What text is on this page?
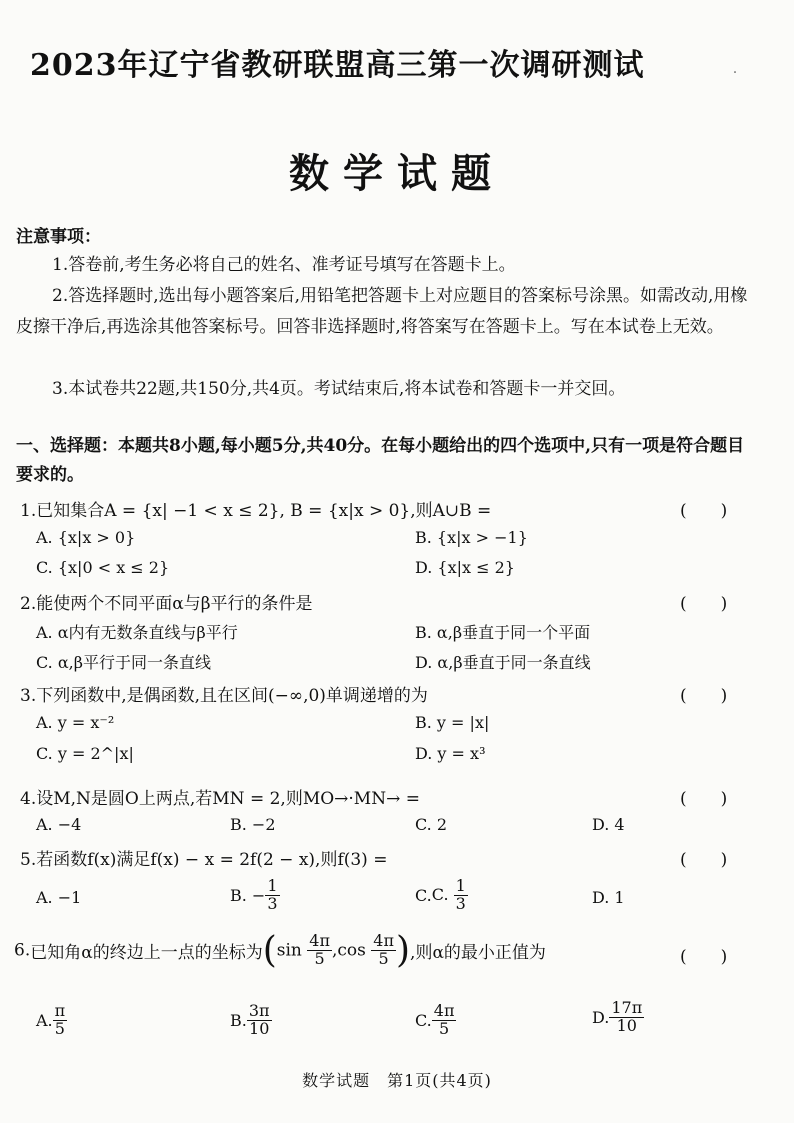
2023年辽宁省教研联盟高三第一次调研测试	・
数学试题
注意事项：
1.答卷前,考生务必将自己的姓名、准考证号填写在答题卡上。
2.答选择题时,选出每小题答案后,用铅笔把答题卡上对应题目的答案标号涂黑。如需改动,用橡皮擦干净后,再选涂其他答案标号。回答非选择题时,将答案写在答题卡上。写在本试卷上无效。
3.本试卷共22题,共150分,共4页。考试结束后,将本试卷和答题卡一并交回。
一、选择题：本题共8小题,每小题5分,共40分。在每小题给出的四个选项中,只有一项是符合题目要求的。
1.已知集合A = {x| −1 < x ≤ 2}, B = {x|x > 0},则A∪B =	(　　)
A. {x|x > 0}	B. {x|x > −1}
C. {x|0 < x ≤ 2}	D. {x|x ≤ 2}
2.能使两个不同平面α与β平行的条件是	(　　)
A. α内有无数条直线与β平行	B. α,β垂直于同一个平面
C. α,β平行于同一条直线	D. α,β垂直于同一条直线
3.下列函数中,是偶函数,且在区间(−∞,0)单调递增的为	(　　)
A. y = x⁻²	B. y = |x|
C. y = 2^|x|	D. y = x³
4.设M,N是圆O上两点,若MN = 2,则MO→·MN→ =	(　　)
A. −4	B. −2	C. 2	D. 4
5.若函数f(x)满足f(x) − x = 2f(2 − x),则f(3) =	(　　)
A. −1	B. − $\frac{1}{3}$	C.C. $\frac{1}{3}$	D. 1
6.已知角α的终边上一点的坐标为($\sin \frac{4\pi}{5} ,\cos \frac{4\pi}{5}$ ),则α的最小正值为	(　　)
A. $\frac{\pi}{5}$	B. $\frac{3\pi}{10}$	C. $\frac{4\pi}{5}$	D. $\frac{17\pi}{10}$
数学试题　第1页(共4页)
